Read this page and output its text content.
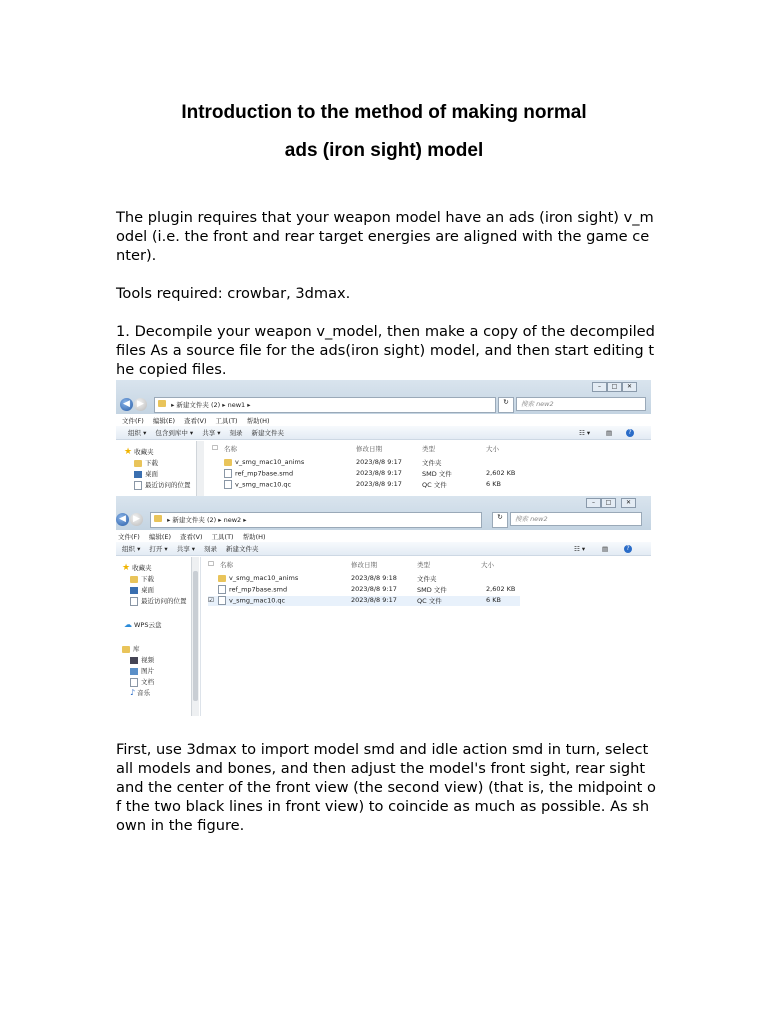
Introduction to the method of making normal
ads (iron sight) model
The plugin requires that your weapon model have an ads (iron sight) v_model (i.e. the front and rear target energies are aligned with the game center).
Tools required: crowbar, 3dmax.
1. Decompile your weapon v_model, then make a copy of the decompiled files As a source file for the ads(iron sight) model, and then start editing the copied files.
–	□	✕
◀ ▶	▸ 新建文件夹 (2) ▸ new1 ▸	↻	搜索 new2
文件(F) 编辑(E) 查看(V) 工具(T) 帮助(H)
组织 ▾ 包含到库中 ▾ 共享 ▾ 刻录 新建文件夹	☷ ▾ ▤	?
★ 收藏夹
下载
桌面
最近访问的位置
☐ 名称	修改日期	类型	大小
v_smg_mac10_anims	2023/8/8 9:17	文件夹
ref_mp7base.smd	2023/8/8 9:17	SMD 文件	2,602 KB
v_smg_mac10.qc	2023/8/8 9:17	QC 文件	6 KB
–	□	✕
◀ ▶	▸ 新建文件夹 (2) ▸ new2 ▸	↻	搜索 new2
文件(F) 编辑(E) 查看(V) 工具(T) 帮助(H)
组织 ▾ 打开 ▾ 共享 ▾ 刻录 新建文件夹	☷ ▾	▤	?
★ 收藏夹
下载
桌面
最近访问的位置
☁ WPS云盘
库
视频
图片
文档
♪ 音乐
☐ 名称	修改日期	类型	大小
v_smg_mac10_anims	2023/8/8 9:18	文件夹
ref_mp7base.smd	2023/8/8 9:17	SMD 文件	2,602 KB
☑	v_smg_mac10.qc	2023/8/8 9:17	QC 文件	6 KB
First, use 3dmax to import model smd and idle action smd in turn, select all models and bones, and then adjust the model's front sight, rear sight and the center of the front view (the second view) (that is, the midpoint of the two black lines in front view) to coincide as much as possible. As shown in the figure.
